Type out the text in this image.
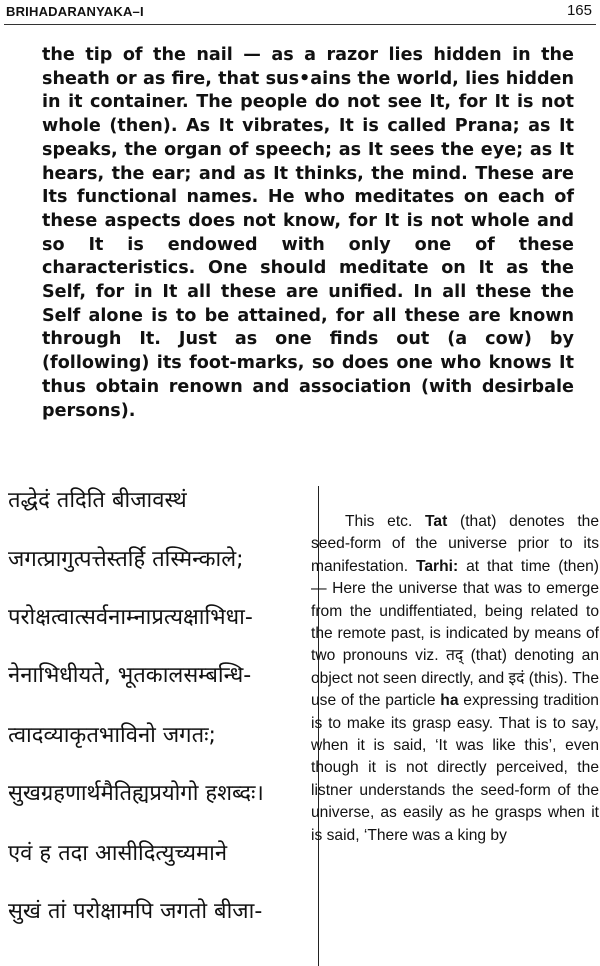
BRIHADARANYAKA–I	165

the tip of the nail — as a razor lies hidden in the sheath or as fire, that sus•ains the world, lies hidden in it container. The people do not see It, for It is not whole (then). As It vibrates, It is called Prana; as It speaks, the organ of speech; as It sees the eye; as It hears, the ear; and as It thinks, the mind. These are Its functional names. He who meditates on each of these aspects does not know, for It is not whole and so It is endowed with only one of these characteristics. One should meditate on It as the Self, for in It all these are unified. In all these the Self alone is to be attained, for all these are known through It. Just as one finds out (a cow) by (following) its foot-marks, so does one who knows It thus obtain renown and association (with desirbale persons).

तद्धेदं तदिति बीजावस्थं
जगत्प्रागुत्पत्तेस्तर्हि तस्मिन्काले;
परोक्षत्वात्सर्वनाम्नाप्रत्यक्षाभिधा-
नेनाभिधीयते, भूतकालसम्बन्धि-
त्वादव्याकृतभाविनो जगतः;
सुखग्रहणार्थमैतिह्यप्रयोगो हशब्दः।
एवं ह तदा आसीदित्युच्यमाने
सुखं तां परोक्षामपि जगतो बीजा-

This etc. Tat (that) denotes the seed-form of the universe prior to its manifestation. Tarhi: at that time (then) — Here the universe that was to emerge from the undiffentiated, being related to the remote past, is indicated by means of two pronouns viz. तद् (that) denoting an object not seen directly, and इदं (this). The use of the particle ha expressing tradition is to make its grasp easy. That is to say, when it is said, ‘It was like this’, even though it is not directly perceived, the listner understands the seed-form of the universe, as easily as he grasps when it is said, ‘There was a king by
